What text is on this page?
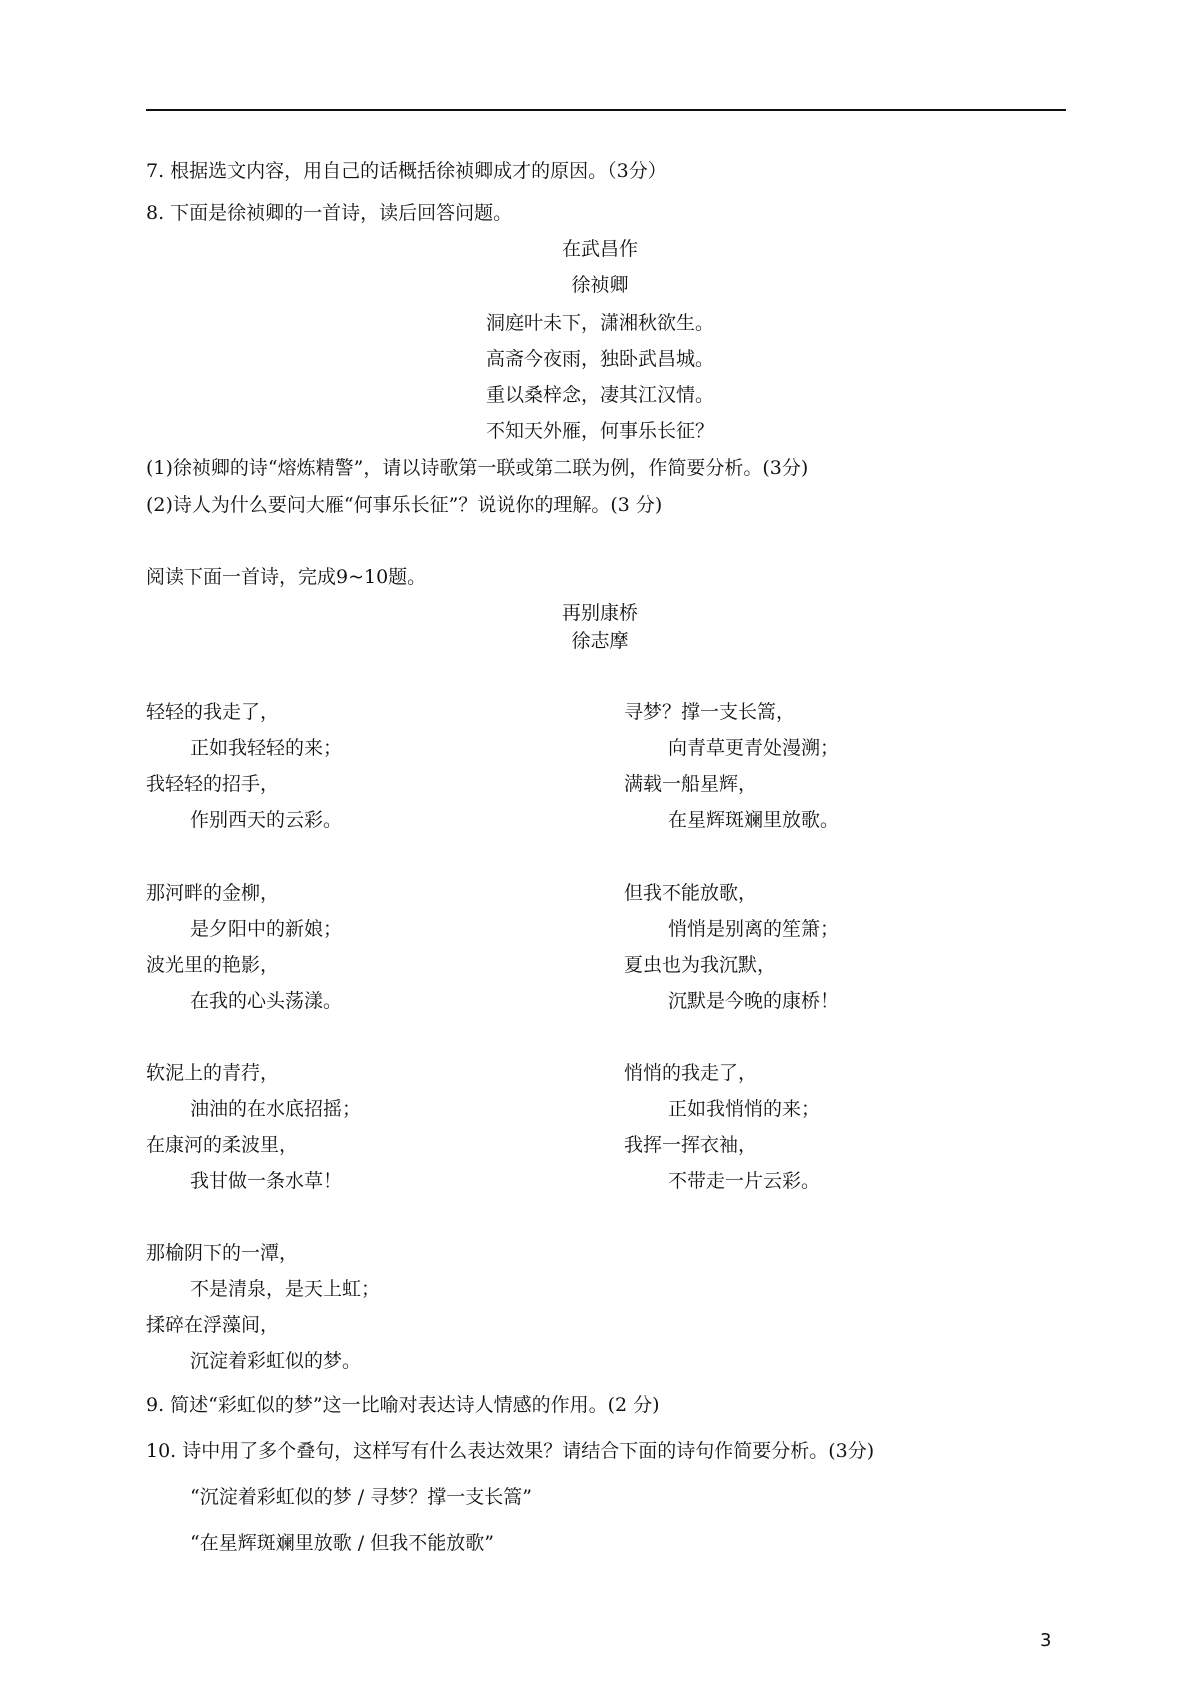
7. 根据选文内容，用自己的话概括徐祯卿成才的原因。（3分）
8. 下面是徐祯卿的一首诗，读后回答问题。
在武昌作
徐祯卿
洞庭叶未下，潇湘秋欲生。
高斋今夜雨，独卧武昌城。
重以桑梓念，凄其江汉情。
不知天外雁，何事乐长征？
(1)徐祯卿的诗“熔炼精警”，请以诗歌第一联或第二联为例，作简要分析。(3分)
(2)诗人为什么要问大雁“何事乐长征”？说说你的理解。(3 分)
阅读下面一首诗，完成9~10题。
再别康桥
徐志摩
轻轻的我走了，
正如我轻轻的来；
我轻轻的招手，
作别西天的云彩。
那河畔的金柳，
是夕阳中的新娘；
波光里的艳影，
在我的心头荡漾。
软泥上的青荇，
油油的在水底招摇；
在康河的柔波里，
我甘做一条水草！
那榆阴下的一潭，
不是清泉，是天上虹；
揉碎在浮藻间，
沉淀着彩虹似的梦。
寻梦？撑一支长篙，
向青草更青处漫溯；
满载一船星辉，
在星辉斑斓里放歌。
但我不能放歌，
悄悄是别离的笙箫；
夏虫也为我沉默，
沉默是今晚的康桥！
悄悄的我走了，
正如我悄悄的来；
我挥一挥衣袖，
不带走一片云彩。
9. 简述“彩虹似的梦”这一比喻对表达诗人情感的作用。(2 分)
10. 诗中用了多个叠句，这样写有什么表达效果？请结合下面的诗句作简要分析。(3分)
“沉淀着彩虹似的梦 / 寻梦？撑一支长篙”
“在星辉斑斓里放歌 / 但我不能放歌”
3
